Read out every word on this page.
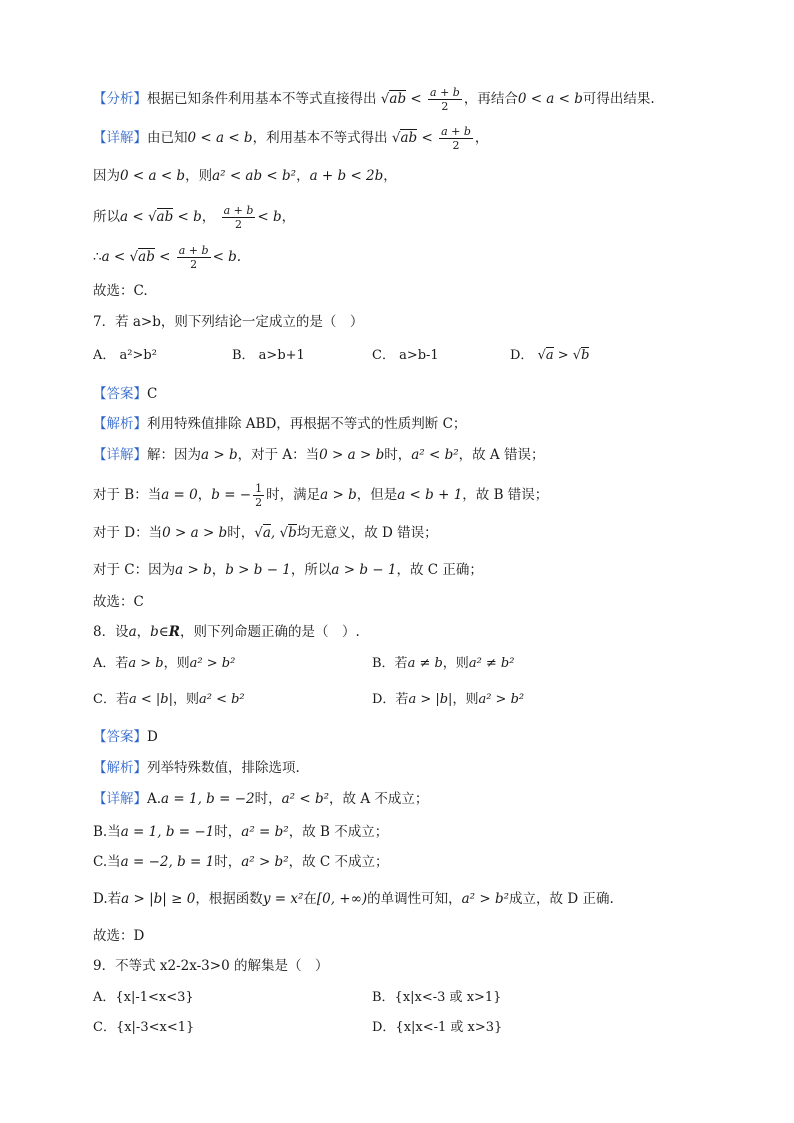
【分析】根据已知条件利用基本不等式直接得出 $√ab < \frac{a + b}{2}$ ，再结合0 < a < b可得出结果.
【详解】由已知0 < a < b，利用基本不等式得出 $√ab < \frac{a + b}{2}$ ，
因为0 < a < b，则a² < ab < b²，a + b < 2b，
所以a < √ab < b， $\frac{a + b}{2} < b$，
∴a < $√ab < \frac{a + b}{2} < b$.
故选：C.
7．若 a>b，则下列结论一定成立的是（　）
A． a²>b²	B． a>b+1	C． a>b-1	D． √a > √b
【答案】C
【解析】利用特殊值排除 ABD，再根据不等式的性质判断 C；
【详解】解：因为a > b，对于 A：当0 > a > b时，a² < b²，故 A 错误；
对于 B：当a = 0，b = − $\frac{1}{2}$ 时，满足a > b，但是a < b + 1，故 B 错误；
对于 D：当0 > a > b时，√a, √b均无意义，故 D 错误；
对于 C：因为a > b，b > b − 1，所以a > b − 1，故 C 正确；
故选：C
8．设a，b∈R，则下列命题正确的是（　）.
A．若a > b，则a² > b²	B．若a ≠ b，则a² ≠ b²
C．若a < |b|，则a² < b²	D．若a > |b|，则a² > b²
【答案】D
【解析】列举特殊数值，排除选项.
【详解】A.a = 1, b = −2时，a² < b²，故 A 不成立；
B.当a = 1, b = −1时，a² = b²，故 B 不成立；
C.当a = −2, b = 1时，a² > b²，故 C 不成立；
D.若a > |b| ≥ 0，根据函数y = x²在[0, +∞)的单调性可知，a² > b²成立，故 D 正确.
故选：D
9．不等式 x2-2x-3>0 的解集是（　）
A．{x|-1<x<3}	B．{x|x<-3 或 x>1}
C．{x|-3<x<1}	D．{x|x<-1 或 x>3}
